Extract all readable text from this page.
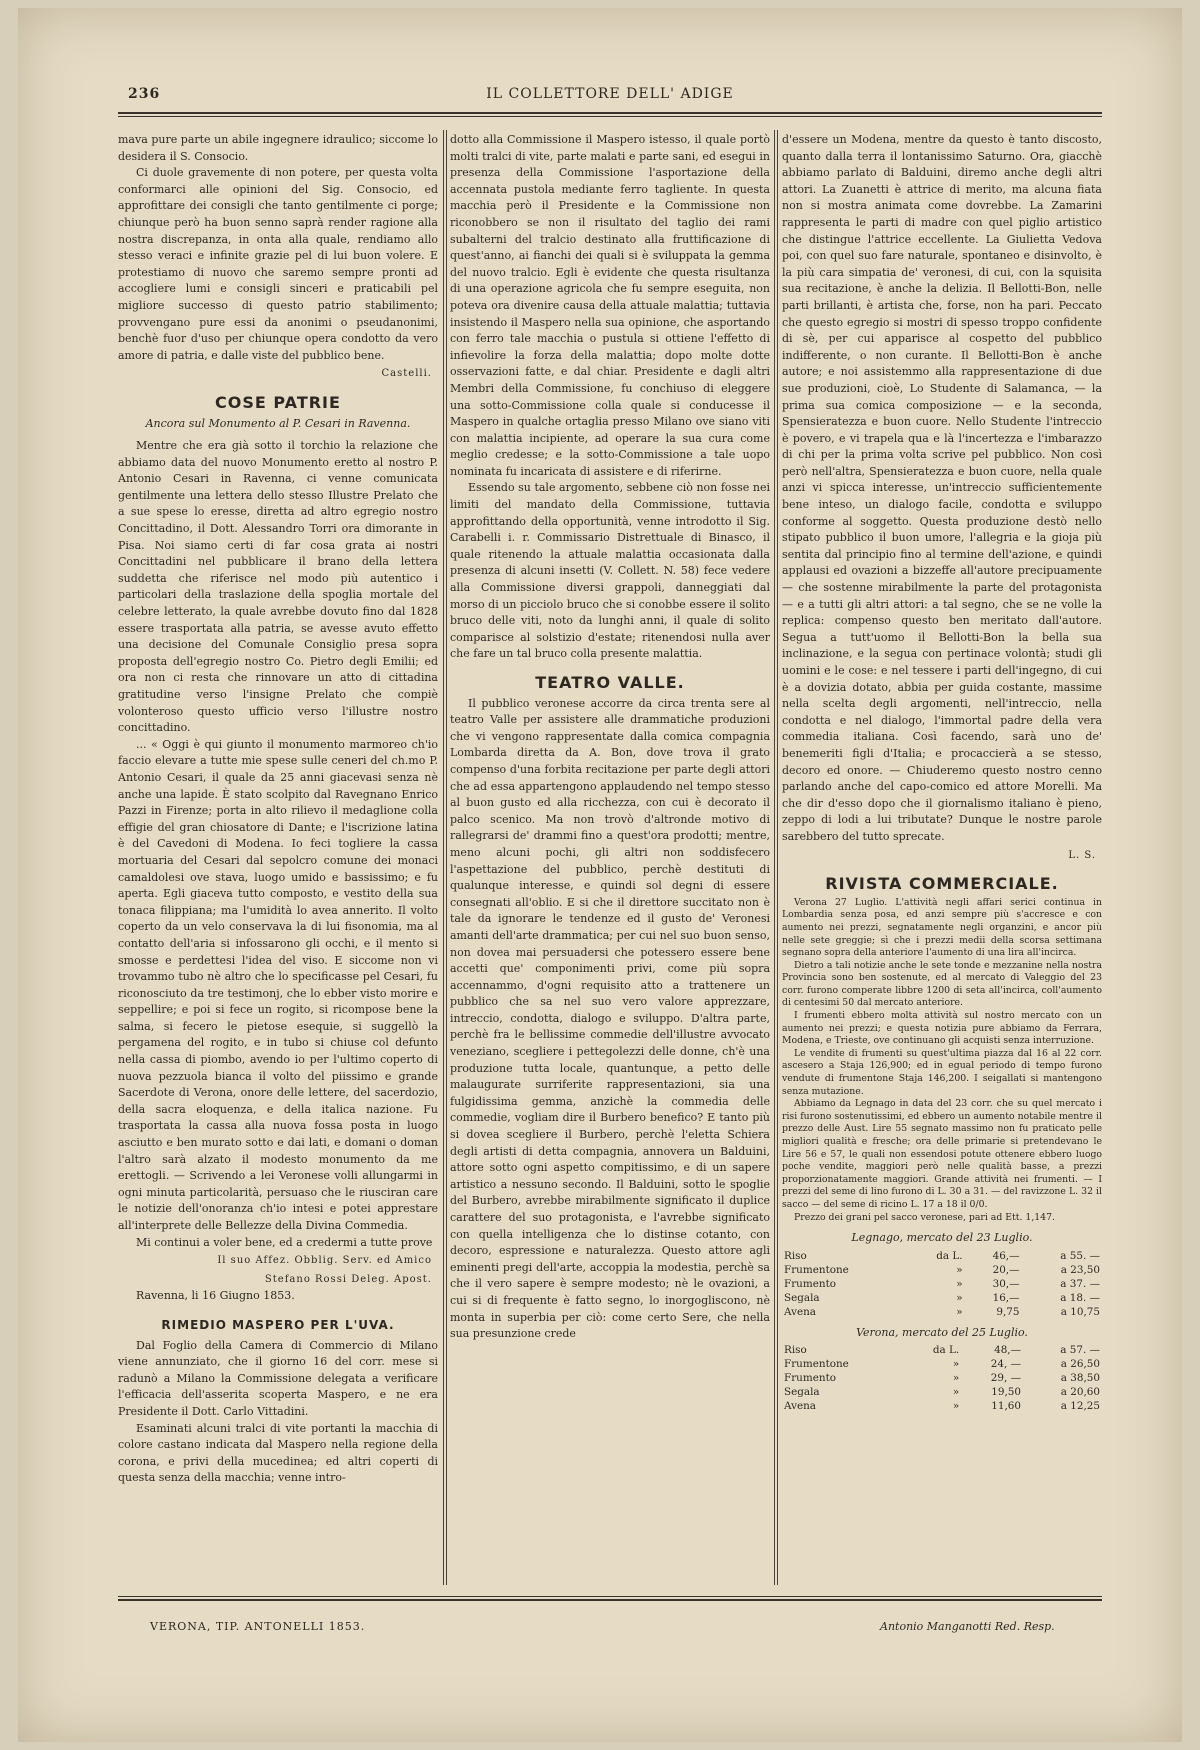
236	IL COLLETTORE DELL' ADIGE

mava pure parte un abile ingegnere idraulico; siccome lo desidera il S. Consocio.

Ci duole gravemente di non potere, per questa volta conformarci alle opinioni del Sig. Consocio, ed approfittare dei consigli che tanto gentilmente ci porge; chiunque però ha buon senno saprà render ragione alla nostra discrepanza, in onta alla quale, rendiamo allo stesso veraci e infinite grazie pel di lui buon volere. E protestiamo di nuovo che saremo sempre pronti ad accogliere lumi e consigli sinceri e praticabili pel migliore successo di questo patrio stabilimento; provvengano pure essi da anonimi o pseudanonimi, benchè fuor d'uso per chiunque opera condotto da vero amore di patria, e dalle viste del pubblico bene.

Castelli.
COSE PATRIE
Ancora sul Monumento al P. Cesari in Ravenna.

Mentre che era già sotto il torchio la relazione che abbiamo data del nuovo Monumento eretto al nostro P. Antonio Cesari in Ravenna, ci venne comunicata gentilmente una lettera dello stesso Illustre Prelato che a sue spese lo eresse, diretta ad altro egregio nostro Concittadino, il Dott. Alessandro Torri ora dimorante in Pisa. Noi siamo certi di far cosa grata ai nostri Concittadini nel pubblicare il brano della lettera suddetta che riferisce nel modo più autentico i particolari della traslazione della spoglia mortale del celebre letterato, la quale avrebbe dovuto fino dal 1828 essere trasportata alla patria, se avesse avuto effetto una decisione del Comunale Consiglio presa sopra proposta dell'egregio nostro Co. Pietro degli Emilii; ed ora non ci resta che rinnovare un atto di cittadina gratitudine verso l'insigne Prelato che compiè volonteroso questo ufficio verso l'illustre nostro concittadino.

... « Oggi è qui giunto il monumento marmoreo ch'io faccio elevare a tutte mie spese sulle ceneri del ch.mo P. Antonio Cesari, il quale da 25 anni giacevasi senza nè anche una lapide. È stato scolpito dal Ravegnano Enrico Pazzi in Firenze; porta in alto rilievo il medaglione colla effigie del gran chiosatore di Dante; e l'iscrizione latina è del Cavedoni di Modena. Io feci togliere la cassa mortuaria del Cesari dal sepolcro comune dei monaci camaldolesi ove stava, luogo umido e bassissimo; e fu aperta. Egli giaceva tutto composto, e vestito della sua tonaca filippiana; ma l'umidità lo avea annerito. Il volto coperto da un velo conservava la di lui fisonomia, ma al contatto dell'aria si infossarono gli occhi, e il mento si smosse e perdettesi l'idea del viso. E siccome non vi trovammo tubo nè altro che lo specificasse pel Cesari, fu riconosciuto da tre testimonj, che lo ebber visto morire e seppellire; e poi si fece un rogito, si ricompose bene la salma, si fecero le pietose esequie, si suggellò la pergamena del rogito, e in tubo si chiuse col defunto nella cassa di piombo, avendo io per l'ultimo coperto di nuova pezzuola bianca il volto del piissimo e grande Sacerdote di Verona, onore delle lettere, del sacerdozio, della sacra eloquenza, e della italica nazione. Fu trasportata la cassa alla nuova fossa posta in luogo asciutto e ben murato sotto e dai lati, e domani o doman l'altro sarà alzato il modesto monumento da me erettogli. — Scrivendo a lei Veronese volli allungarmi in ogni minuta particolarità, persuaso che le riusciran care le notizie dell'onoranza ch'io intesi e potei apprestare all'interprete delle Bellezze della Divina Commedia.

Mi continui a voler bene, ed a credermi a tutte prove

Il suo Affez. Obblig. Serv. ed Amico
Stefano Rossi Deleg. Apost.

Ravenna, li 16 Giugno 1853.

RIMEDIO MASPERO PER L'UVA.

Dal Foglio della Camera di Commercio di Milano viene annunziato, che il giorno 16 del corr. mese si radunò a Milano la Commissione delegata a verificare l'efficacia dell'asserita scoperta Maspero, e ne era Presidente il Dott. Carlo Vittadini.

Esaminati alcuni tralci di vite portanti la macchia di colore castano indicata dal Maspero nella regione della corona, e privi della mucedinea; ed altri coperti di questa senza della macchia; venne intro-

dotto alla Commissione il Maspero istesso, il quale portò molti tralci di vite, parte malati e parte sani, ed esegui in presenza della Commissione l'asportazione della accennata pustola mediante ferro tagliente. In questa macchia però il Presidente e la Commissione non riconobbero se non il risultato del taglio dei rami subalterni del tralcio destinato alla fruttificazione di quest'anno, ai fianchi dei quali si è sviluppata la gemma del nuovo tralcio. Egli è evidente che questa risultanza di una operazione agricola che fu sempre eseguita, non poteva ora divenire causa della attuale malattia; tuttavia insistendo il Maspero nella sua opinione, che asportando con ferro tale macchia o pustula si ottiene l'effetto di infievolire la forza della malattia; dopo molte dotte osservazioni fatte, e dal chiar. Presidente e dagli altri Membri della Commissione, fu conchiuso di eleggere una sotto-Commissione colla quale si conducesse il Maspero in qualche ortaglia presso Milano ove siano viti con malattia incipiente, ad operare la sua cura come meglio credesse; e la sotto-Commissione a tale uopo nominata fu incaricata di assistere e di riferirne.

Essendo su tale argomento, sebbene ciò non fosse nei limiti del mandato della Commissione, tuttavia approfittando della opportunità, venne introdotto il Sig. Carabelli i. r. Commissario Distrettuale di Binasco, il quale ritenendo la attuale malattia occasionata dalla presenza di alcuni insetti (V. Collett. N. 58) fece vedere alla Commissione diversi grappoli, danneggiati dal morso di un picciolo bruco che si conobbe essere il solito bruco delle viti, noto da lunghi anni, il quale di solito comparisce al solstizio d'estate; ritenendosi nulla aver che fare un tal bruco colla presente malattia.

TEATRO VALLE.

Il pubblico veronese accorre da circa trenta sere al teatro Valle per assistere alle drammatiche produzioni che vi vengono rappresentate dalla comica compagnia Lombarda diretta da A. Bon, dove trova il grato compenso d'una forbita recitazione per parte degli attori che ad essa appartengono applaudendo nel tempo stesso al buon gusto ed alla ricchezza, con cui è decorato il palco scenico. Ma non trovò d'altronde motivo di rallegrarsi de' drammi fino a quest'ora prodotti; mentre, meno alcuni pochi, gli altri non soddisfecero l'aspettazione del pubblico, perchè destituti di qualunque interesse, e quindi sol degni di essere consegnati all'oblio. E si che il direttore succitato non è tale da ignorare le tendenze ed il gusto de' Veronesi amanti dell'arte drammatica; per cui nel suo buon senso, non dovea mai persuadersi che potessero essere bene accetti que' componimenti privi, come più sopra accennammo, d'ogni requisito atto a trattenere un pubblico che sa nel suo vero valore apprezzare, intreccio, condotta, dialogo e sviluppo. D'altra parte, perchè fra le bellissime commedie dell'illustre avvocato veneziano, scegliere i pettegolezzi delle donne, ch'è una produzione tutta locale, quantunque, a petto delle malaugurate surriferite rappresentazioni, sia una fulgidissima gemma, anzichè la commedia delle commedie, vogliam dire il Burbero benefico? E tanto più si dovea scegliere il Burbero, perchè l'eletta Schiera degli artisti di detta compagnia, annovera un Balduini, attore sotto ogni aspetto compitissimo, e di un sapere artistico a nessuno secondo. Il Balduini, sotto le spoglie del Burbero, avrebbe mirabilmente significato il duplice carattere del suo protagonista, e l'avrebbe significato con quella intelligenza che lo distinse cotanto, con decoro, espressione e naturalezza. Questo attore agli eminenti pregi dell'arte, accoppia la modestia, perchè sa che il vero sapere è sempre modesto; nè le ovazioni, a cui si di frequente è fatto segno, lo inorgogliscono, nè monta in superbia per ciò: come certo Sere, che nella sua presunzione crede

d'essere un Modena, mentre da questo è tanto discosto, quanto dalla terra il lontanissimo Saturno. Ora, giacchè abbiamo parlato di Balduini, diremo anche degli altri attori. La Zuanetti è attrice di merito, ma alcuna fiata non si mostra animata come dovrebbe. La Zamarini rappresenta le parti di madre con quel piglio artistico che distingue l'attrice eccellente. La Giulietta Vedova poi, con quel suo fare naturale, spontaneo e disinvolto, è la più cara simpatia de' veronesi, di cui, con la squisita sua recitazione, è anche la delizia. Il Bellotti-Bon, nelle parti brillanti, è artista che, forse, non ha pari. Peccato che questo egregio si mostri di spesso troppo confidente di sè, per cui apparisce al cospetto del pubblico indifferente, o non curante. Il Bellotti-Bon è anche autore; e noi assistemmo alla rappresentazione di due sue produzioni, cioè, Lo Studente di Salamanca, — la prima sua comica composizione — e la seconda, Spensieratezza e buon cuore. Nello Studente l'intreccio è povero, e vi trapela qua e là l'incertezza e l'imbarazzo di chi per la prima volta scrive pel pubblico. Non così però nell'altra, Spensieratezza e buon cuore, nella quale anzi vi spicca interesse, un'intreccio sufficientemente bene inteso, un dialogo facile, condotta e sviluppo conforme al soggetto. Questa produzione destò nello stipato pubblico il buon umore, l'allegria e la gioja più sentita dal principio fino al termine dell'azione, e quindi applausi ed ovazioni a bizzeffe all'autore precipuamente — che sostenne mirabilmente la parte del protagonista — e a tutti gli altri attori: a tal segno, che se ne volle la replica: compenso questo ben meritato dall'autore. Segua a tutt'uomo il Bellotti-Bon la bella sua inclinazione, e la segua con pertinace volontà; studi gli uomini e le cose: e nel tessere i parti dell'ingegno, di cui è a dovizia dotato, abbia per guida costante, massime nella scelta degli argomenti, nell'intreccio, nella condotta e nel dialogo, l'immortal padre della vera commedia italiana. Così facendo, sarà uno de' benemeriti figli d'Italia; e procaccierà a se stesso, decoro ed onore. — Chiuderemo questo nostro cenno parlando anche del capo-comico ed attore Morelli. Ma che dir d'esso dopo che il giornalismo italiano è pieno, zeppo di lodi a lui tributate? Dunque le nostre parole sarebbero del tutto sprecate.

L. S.
RIVISTA COMMERCIALE.

Verona 27 Luglio. L'attività negli affari serici continua in Lombardia senza posa, ed anzi sempre più s'accresce e con aumento nei prezzi, segnatamente negli organzini, e ancor più nelle sete greggie; sì che i prezzi medii della scorsa settimana segnano sopra della anteriore l'aumento di una lira all'incirca.

Dietro a tali notizie anche le sete tonde e mezzanine nella nostra Provincia sono ben sostenute, ed al mercato di Valeggio del 23 corr. furono comperate libbre 1200 di seta all'incirca, coll'aumento di centesimi 50 dal mercato anteriore.

I frumenti ebbero molta attività sul nostro mercato con un aumento nei prezzi; e questa notizia pure abbiamo da Ferrara, Modena, e Trieste, ove continuano gli acquisti senza interruzione.

Le vendite di frumenti su quest'ultima piazza dal 16 al 22 corr. ascesero a Staja 126,900; ed in egual periodo di tempo furono vendute di frumentone Staja 146,200. I seigallati si mantengono senza mutazione.

Abbiamo da Legnago in data del 23 corr. che su quel mercato i risi furono sostenutissimi, ed ebbero un aumento notabile mentre il prezzo delle Aust. Lire 55 segnato massimo non fu praticato pelle migliori qualità e fresche; ora delle primarie si pretendevano le Lire 56 e 57, le quali non essendosi potute ottenere ebbero luogo poche vendite, maggiori però nelle qualità basse, a prezzi proporzionatamente maggiori. Grande attività nei frumenti. — I prezzi del seme di lino furono di L. 30 a 31. — del ravizzone L. 32 il sacco — del seme di ricino L. 17 a 18 il 0/0.

Prezzo dei grani pel sacco veronese, pari ad Ett. 1,147.

Legnago, mercato del 23 Luglio.
Riso	da L.	46,—	a 55. —
Frumentone	»	20,—	a 23,50
Frumento	»	30,—	a 37. —
Segala	»	16,—	a 18. —
Avena	»	9,75	a 10,75
Verona, mercato del 25 Luglio.
Riso	da L.	48,—	a 57. —
Frumentone	»	24, —	a 26,50
Frumento	»	29, —	a 38,50
Segala	»	19,50	a 20,60
Avena	»	11,60	a 12,25
VERONA, TIP. ANTONELLI 1853.	Antonio Manganotti Red. Resp.
